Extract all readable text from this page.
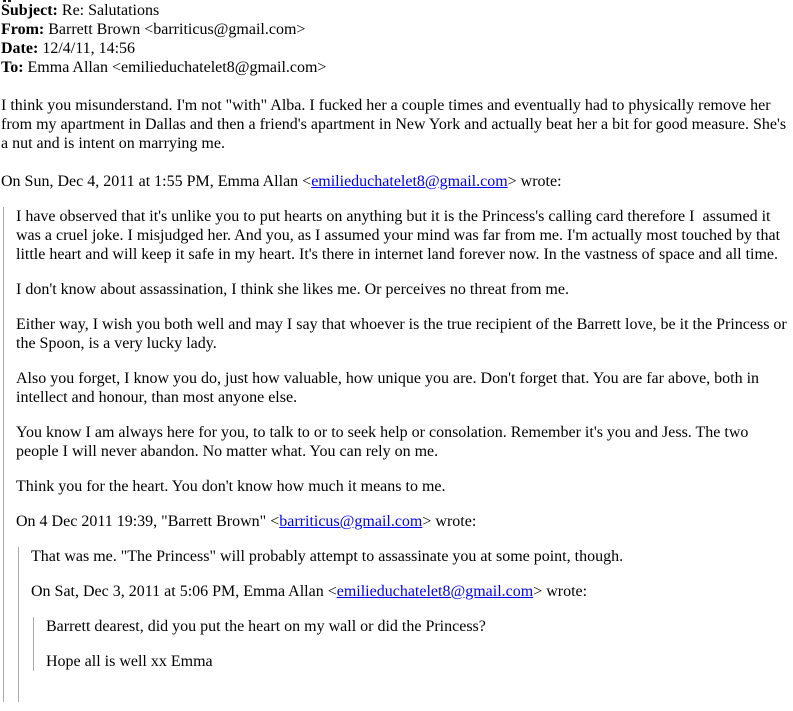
Subject: Re: Salutations
From: Barrett Brown <barriticus@gmail.com>
Date: 12/4/11, 14:56
To: Emma Allan <emilieduchatelet8@gmail.com>

I think you misunderstand. I'm not "with" Alba. I fucked her a couple times and eventually had to physically remove her from my apartment in Dallas and then a friend's apartment in New York and actually beat her a bit for good measure. She's a nut and is intent on marrying me.

On Sun, Dec 4, 2011 at 1:55 PM, Emma Allan <emilieduchatelet8@gmail.com> wrote:

I have observed that it's unlike you to put hearts on anything but it is the Princess's calling card therefore I  assumed it was a cruel joke. I misjudged her. And you, as I assumed your mind was far from me. I'm actually most touched by that little heart and will keep it safe in my heart. It's there in internet land forever now. In the vastness of space and all time.

I don't know about assassination, I think she likes me. Or perceives no threat from me.

Either way, I wish you both well and may I say that whoever is the true recipient of the Barrett love, be it the Princess or the Spoon, is a very lucky lady.

Also you forget, I know you do, just how valuable, how unique you are. Don't forget that. You are far above, both in intellect and honour, than most anyone else.

You know I am always here for you, to talk to or to seek help or consolation. Remember it's you and Jess. The two people I will never abandon. No matter what. You can rely on me.

Think you for the heart. You don't know how much it means to me.

On 4 Dec 2011 19:39, "Barrett Brown" <barriticus@gmail.com> wrote:

That was me. "The Princess" will probably attempt to assassinate you at some point, though.

On Sat, Dec 3, 2011 at 5:06 PM, Emma Allan <emilieduchatelet8@gmail.com> wrote:

Barrett dearest, did you put the heart on my wall or did the Princess?

Hope all is well xx Emma
